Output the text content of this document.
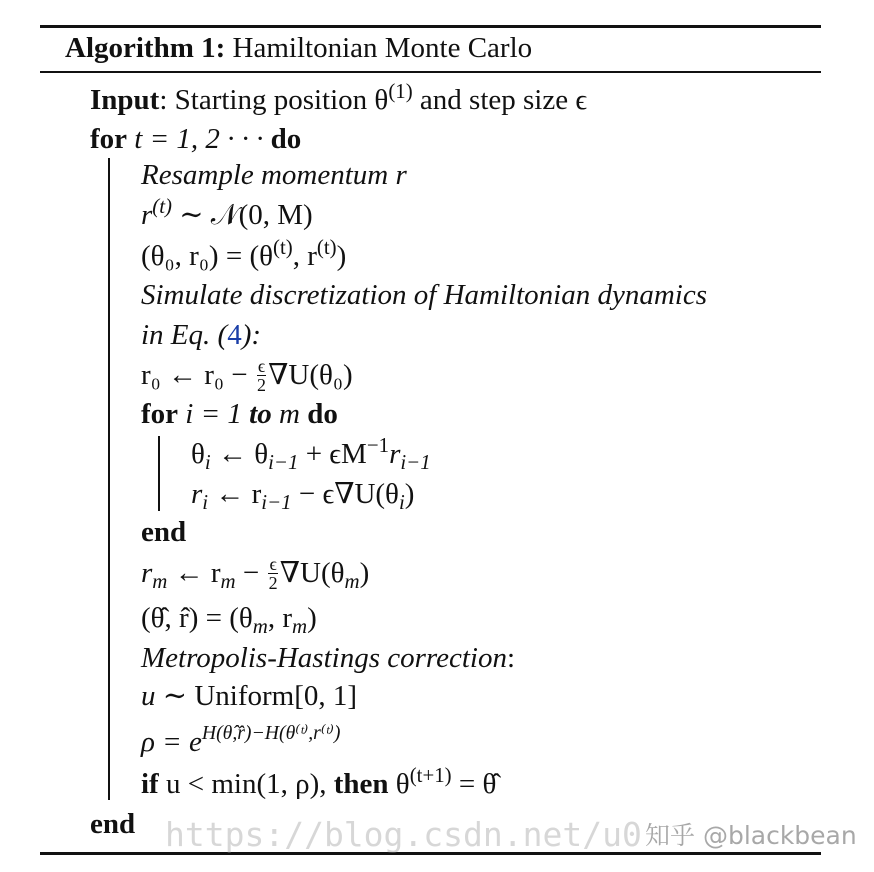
Algorithm 1: Hamiltonian Monte Carlo
Input: Starting position $\theta^{(1)}$ and step size ϵ
for t = 1, 2 · · · do
Resample momentum r
$r^{(t)}$ ∼ 𝒩(0, M)
(θ₀, $r_0) = (\theta^{(t)}$, $r^{(t)}$)
Simulate discretization of Hamiltonian dynamics
in Eq. (4):
r₀ ← $r_0 - \frac{\epsilon}{2} \nabla U(\theta_0)$
for i = 1 to m do
$\theta_i$ ← $\theta_{i-1} + \epsilon M^{-1}r_{i-1}$
$r_i$ ← $r_{i-1} - \epsilon\nabla U(\theta_i)$
end
$r_m$ ← $r_m - \frac{\epsilon}{2} \nabla U(\theta_m)$
(θ̂, r̂) = ($\theta_m$, $r_m$)
Metropolis-Hastings correction:
u ∼ Uniform[0, 1]
$\rho = e^{H(\thetâ,r̂)-H(\theta^(ᵗ^),r^(ᵗ^))}$
if u < min(1, ρ), then $\theta^{(t+1)}$ = θ̂
end https://blog.csdn.net/u0 知乎 @blackbean
